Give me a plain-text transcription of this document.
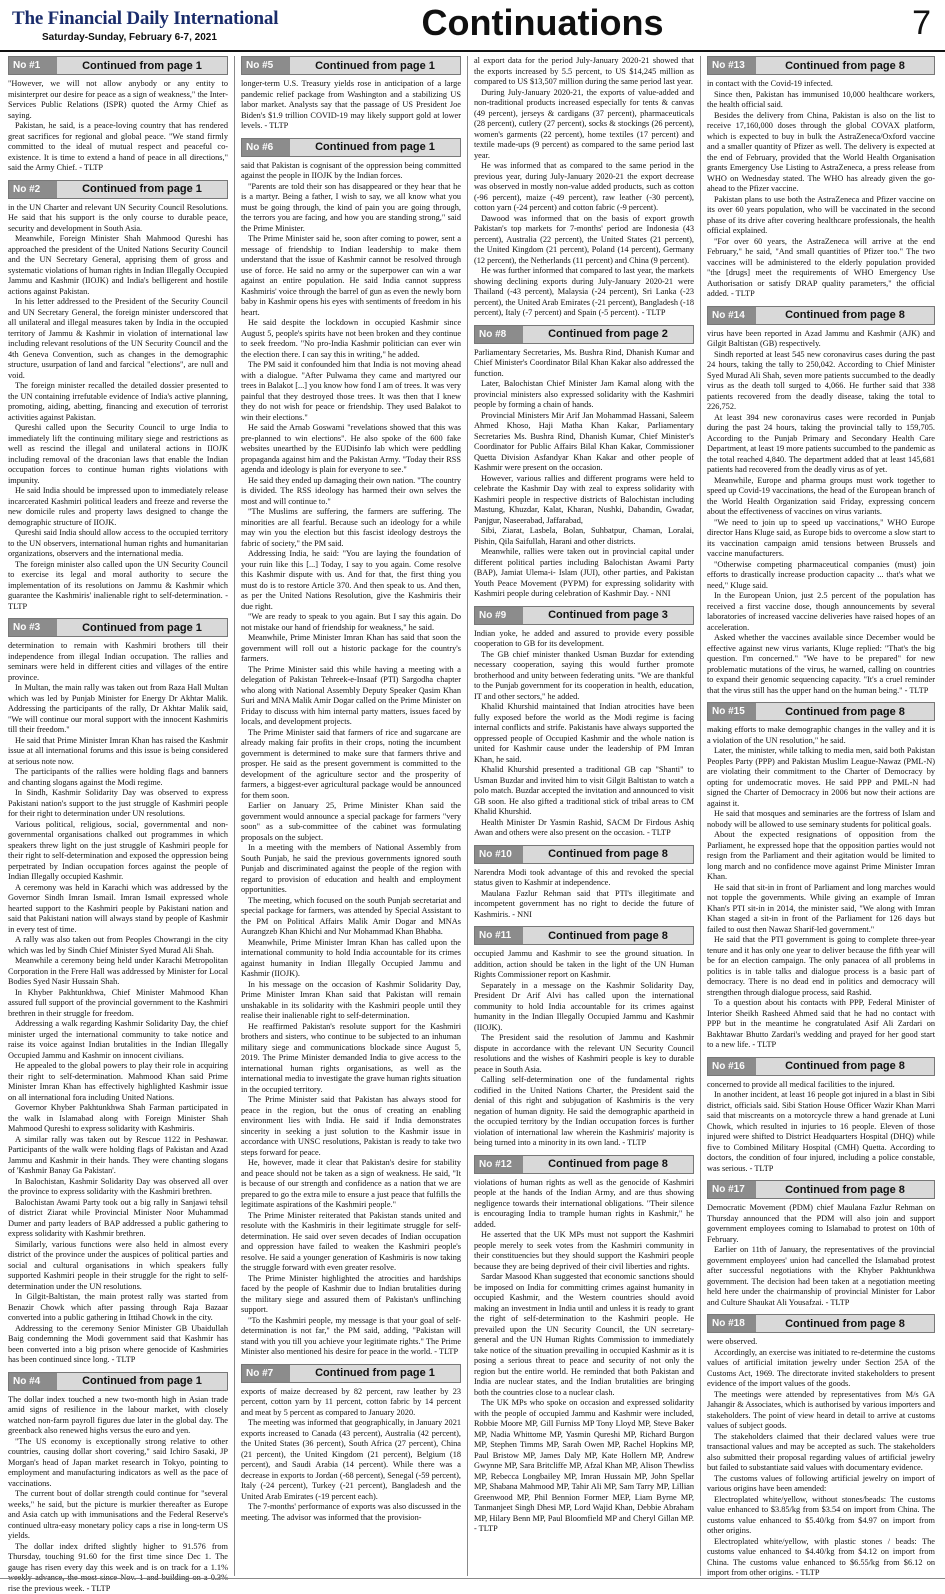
The Financial Daily International
Saturday-Sunday, February 6-7, 2021	Continuations	7
No #1	Continued from page 1

"However, we will not allow anybody or any entity to misinterpret our desire for peace as a sign of weakness," the Inter-Services Public Relations (ISPR) quoted the Army Chief as saying.

Pakistan, he said, is a peace-loving country that has rendered great sacrifices for regional and global peace. "We stand firmly committed to the ideal of mutual respect and peaceful co-existence. It is time to extend a hand of peace in all directions," said the Army Chief. - TLTP

No #2	Continued from page 1

in the UN Charter and relevant UN Security Council Resolutions. He said that his support is the only course to durable peace, security and development in South Asia.

Meanwhile, Foreign Minister Shah Mahmood Qureshi has approached the president of the United Nations Security Council and the UN Secretary General, apprising them of gross and systematic violations of human rights in Indian Illegally Occupied Jammu and Kashmir (IIOJK) and India's belligerent and hostile actions against Pakistan.

In his letter addressed to the President of the Security Council and UN Secretary General, the foreign minister underscored that all unilateral and illegal measures taken by India in the occupied territory of Jammu & Kashmir in violation of international law including relevant resolutions of the UN Security Council and the 4th Geneva Convention, such as changes in the demographic structure, usurpation of land and farcical "elections", are null and void.

The foreign minister recalled the detailed dossier presented to the UN containing irrefutable evidence of India's active planning, promoting, aiding, abetting, financing and execution of terrorist activities against Pakistan.

Qureshi called upon the Security Council to urge India to immediately lift the continuing military siege and restrictions as well as rescind the illegal and unilateral actions in IIOJK including removal of the draconian laws that enable the Indian occupation forces to continue human rights violations with impunity.

He said India should be impressed upon to immediately release incarcerated Kashmiri political leaders and freeze and reverse the new domicile rules and property laws designed to change the demographic structure of IIOJK.

Qureshi said India should allow access to the occupied territory to the UN observers, international human rights and humanitarian organizations, observers and the international media.

The foreign minister also called upon the UN Security Council to exercise its legal and moral authority to secure the implementation of its resolutions on Jammu & Kashmir which guarantee the Kashmiris' inalienable right to self-determination. - TLTP

No #3	Continued from page 1

determination to remain with Kashmiri brothers till their independence from illegal Indian occupation. The rallies and seminars were held in different cities and villages of the entire province.

In Multan, the main rally was taken out from Raza Hall Multan which was led by Punjab Minister for Energy Dr Akhtar Malik. Addressing the participants of the rally, Dr Akhtar Malik said, "We will continue our moral support with the innocent Kashmiris till their freedom."

He said that Prime Minister Imran Khan has raised the Kashmir issue at all international forums and this issue is being considered at serious note now.

The participants of the rallies were holding flags and banners and chanting slogans against the Modi regime.

In Sindh, Kashmir Solidarity Day was observed to express Pakistani nation's support to the just struggle of Kashmiri people for their right to determination under UN resolutions.

Various political, religious, social, governmental and non-governmental organisations chalked out programmes in which speakers threw light on the just struggle of Kashmiri people for their right to self-determination and exposed the oppression being perpetrated by Indian occupation forces against the people of Indian Illegally occupied Kashmir.

A ceremony was held in Karachi which was addressed by the Governor Sindh Imran Ismail. Imran Ismail expressed whole hearted support to the Kashmiri people by Pakistani nation and said that Pakistani nation will always stand by people of Kashmir in every test of time.

A rally was also taken out from Peoples Chowrangi in the city which was led by Sindh Chief Minister Syed Murad Ali Shah.

Meanwhile a ceremony being held under Karachi Metropolitan Corporation in the Frere Hall was addressed by Minister for Local Bodies Syed Nasir Hussain Shah.

In Khyber Pakhtunkhwa, Chief Minister Mahmood Khan assured full support of the provincial government to the Kashmiri brethren in their struggle for freedom.

Addressing a walk regarding Kashmir Solidarity Day, the chief minister urged the international community to take notice and raise its voice against Indian brutalities in the Indian Illegally Occupied Jammu and Kashmir on innocent civilians.

He appealed to the global powers to play their role in acquiring their right to self-determination. Mahmood Khan said Prime Minister Imran Khan has effectively highlighted Kashmir issue on all international fora including United Nations.

Governor Khyber Pakhtunkhwa Shah Farman participated in the walk in Islamabad along with Foreign Minister Shah Mahmood Qureshi to express solidarity with Kashmiris.

A similar rally was taken out by Rescue 1122 in Peshawar. Participants of the walk were holding flags of Pakistan and Azad Jammu and Kashmir in their hands. They were chanting slogans of 'Kashmir Banay Ga Pakistan'.

In Balochistan, Kashmir Solidarity Day was observed all over the province to express solidarity with the Kashmiri brethren.

Balochistan Awami Party took out a big rally in Sanjawi tehsil of district Ziarat while Provincial Minister Noor Muhammad Dumer and party leaders of BAP addressed a public gathering to express solidarity with Kashmir brethren.

Similarly, various functions were also held in almost every district of the province under the auspices of political parties and social and cultural organisations in which speakers fully supported Kashmiri people in their struggle for the right to self-determination under the UN resolutions.

In Gilgit-Baltistan, the main protest rally was started from Benazir Chowk which after passing through Raja Bazaar converted into a public gathering in Ittihad Chowk in the city.

Addressing to the ceremony Senior Minister GB Ubaidullah Baig condemning the Modi government said that Kashmir has been converted into a big prison where genocide of Kashmiries has been continued since long. - TLTP

No #4	Continued from page 1

The dollar index touched a new two-month high in Asian trade amid signs of resilience in the labour market, with closely watched non-farm payroll figures due later in the global day. The greenback also renewed highs versus the euro and yen.

"The US economy is exceptionally strong relative to other countries, causing dollar short covering," said Ichiro Sasaki, JP Morgan's head of Japan market research in Tokyo, pointing to employment and manufacturing indicators as well as the pace of vaccinations.

The current bout of dollar strength could continue for "several weeks," he said, but the picture is murkier thereafter as Europe and Asia catch up with immunisations and the Federal Reserve's continued ultra-easy monetary policy caps a rise in long-term US yields.

The dollar index drifted slightly higher to 91.576 from Thursday, touching 91.60 for the first time since Dec 1. The gauge has risen every day this week and is on track for a 1.1% rise the previous week. - TLTP

No #5	Continued from page 1

longer-term U.S. Treasury yields rose in anticipation of a large pandemic relief package from Washington and a stabilizing US labor market. Analysts say that the passage of US President Joe Biden's $1.9 trillion COVID-19 may likely support gold at lower levels. - TLTP

No #6	Continued from page 1

said that Pakistan is cognisant of the oppression being committed against the people in IIOJK by the Indian forces.

"Parents are told their son has disappeared or they hear that he is a martyr. Being a father, I wish to say, we all know what you must be going through, the kind of pain you are going through, the terrors you are facing, and how you are standing strong," said the Prime Minister.

The Prime Minister said he, soon after coming to power, sent a message of friendship to Indian leadership to make them understand that the issue of Kashmir cannot be resolved through use of force. He said no army or the superpower can win a war against an entire population. He said India cannot suppress Kashmiris' voice through the barrel of gun as even the newly born baby in Kashmir opens his eyes with sentiments of freedom in his heart.

He said despite the lockdown in occupied Kashmir since August 5, people's spirits have not been broken and they continue to seek freedom. "No pro-India Kashmir politician can ever win the election there. I can say this in writing," he added.

The PM said it confounded him that India is not moving ahead with a dialogue. "After Pulwama they came and martyred our trees in Balakot [...] you know how fond I am of trees. It was very painful that they destroyed those trees. It was then that I knew they do not wish for peace or friendship. They used Balakot to win their elections."

He said the Arnab Goswami "revelations showed that this was pre-planned to win elections". He also spoke of the 600 fake websites unearthed by the EUDisinfo lab which were peddling propaganda against him and the Pakistan Army. "Today their RSS agenda and ideology is plain for everyone to see."

He said they ended up damaging their own nation. "The country is divided. The RSS ideology has harmed their own selves the most and will continue to."

"The Muslims are suffering, the farmers are suffering. The minorities are all fearful. Because such an ideology for a while may win you the election but this fascist ideology destroys the fabric of society," the PM said.

Addressing India, he said: "You are laying the foundation of your ruin like this [...] Today, I say to you again. Come resolve this Kashmir dispute with us. And for that, the first thing you must do is to restore Article 370. And then speak to us. And then, as per the United Nations Resolution, give the Kashmiris their due right.

"We are ready to speak to you again. But I say this again. Do not mistake our hand of friendship for weakness," he said.

Meanwhile, Prime Minister Imran Khan has said that soon the government will roll out a historic package for the country's farmers.

The Prime Minister said this while having a meeting with a delegation of Pakistan Tehreek-e-Insaaf (PTI) Sargodha chapter who along with National Assembly Deputy Speaker Qasim Khan Suri and MNA Malik Amir Dogar called on the Prime Minister on Friday to discuss with him internal party matters, issues faced by locals, and development projects.

The Prime Minister said that farmers of rice and sugarcane are already making fair profits in their crops, noting the incumbent government is determined to make sure that farmers thrive and prosper. He said as the present government is committed to the development of the agriculture sector and the prosperity of farmers, a biggest-ever agricultural package would be announced for them soon.

Earlier on January 25, Prime Minister Khan said the government would announce a special package for farmers "very soon" as a sub-committee of the cabinet was formulating proposals on the subject.

In a meeting with the members of National Assembly from South Punjab, he said the previous governments ignored south Punjab and discriminated against the people of the region with regard to provision of education and health and employment opportunities.

The meeting, which focused on the south Punjab secretariat and special package for farmers, was attended by Special Assistant to the PM on Political Affairs Malik Amir Dogar and MNAs Aurangzeb Khan Khichi and Nur Mohammad Khan Bhabha.

Meanwhile, Prime Minister Imran Khan has called upon the international community to hold India accountable for its crimes against humanity in Indian Illegally Occupied Jammu and Kashmir (IIOJK).

In his message on the occasion of Kashmir Solidarity Day, Prime Minister Imran Khan said that Pakistan will remain unshakable in its solidarity with the Kashmiri people until they realise their inalienable right to self-determination.

He reaffirmed Pakistan's resolute support for the Kashmiri brothers and sisters, who continue to be subjected to an inhuman military siege and communications blockade since August 5, 2019. The Prime Minister demanded India to give access to the international human rights organisations, as well as the international media to investigate the grave human rights situation in the occupied territory.

The Prime Minister said that Pakistan has always stood for peace in the region, but the onus of creating an enabling environment lies with India. He said if India demonstrates sincerity in seeking a just solution to the Kashmir issue in accordance with UNSC resolutions, Pakistan is ready to take two steps forward for peace.

He, however, made it clear that Pakistan's desire for stability and peace should not be taken as a sign of weakness. He said, "It is because of our strength and confidence as a nation that we are prepared to go the extra mile to ensure a just peace that fulfills the legitimate aspirations of the Kashmiri people."

The Prime Minister reiterated that Pakistan stands united and resolute with the Kashmiris in their legitimate struggle for self-determination. He said over seven decades of Indian occupation and oppression have failed to weaken the Kashmiri people's resolve. He said a younger generation of Kashmiris is now taking the struggle forward with even greater resolve.

The Prime Minister highlighted the atrocities and hardships faced by the people of Kashmir due to Indian brutalities during the military siege and assured them of Pakistan's unflinching support.

"To the Kashmiri people, my message is that your goal of self-determination is not far," the PM said, adding, "Pakistan will stand with you till you achieve your legitimate rights." The Prime Minister also mentioned his desire for peace in the world. - TLTP

No #7	Continued from page 1

exports of maize decreased by 82 percent, raw leather by 23 percent, cotton yarn by 11 percent, cotton fabric by 14 percent and meat by 5 percent as compared to January 2020.

The meeting was informed that geographically, in January 2021 exports increased to Canada (43 percent), Australia (42 percent), the United States (36 percent), South Africa (27 percent), China (21 percent), the United Kingdom (21 percent), Belgium (18 percent), and Saudi Arabia (14 percent). While there was a decrease in exports to Jordan (-68 percent), Senegal (-59 percent), Italy (-24 percent), Turkey (-21 percent), Bangladesh and the United Arab Emirates (-19 percent each).

The 7-months' performance of exports was also discussed in the meeting. The advisor was informed that the provision-

al export data for the period July-January 2020-21 showed that the exports increased by 5.5 percent, to US $14,245 million as compared to US $13,507 million during the same period last year.

During July-January 2020-21, the exports of value-added and non-traditional products increased especially for tents & canvas (49 percent), jerseys & cardigans (37 percent), pharmaceuticals (28 percent), cutlery (27 percent), socks & stockings (26 percent), women's garments (22 percent), home textiles (17 percent) and textile made-ups (9 percent) as compared to the same period last year.

He was informed that as compared to the same period in the previous year, during July-January 2020-21 the export decrease was observed in mostly non-value added products, such as cotton (-96 percent), maize (-49 percent), raw leather (-30 percent), cotton yarn (-24 percent) and cotton fabric (-9 percent).

Dawood was informed that on the basis of export growth Pakistan's top markets for 7-months' period are Indonesia (43 percent), Australia (22 percent), the United States (21 percent), the United Kingdom (21 percent), Poland (14 percent), Germany (12 percent), the Netherlands (11 percent) and China (9 percent).

He was further informed that compared to last year, the markets showing declining exports during July-January 2020-21 were Thailand (-43 percent), Malaysia (-24 percent), Sri Lanka (-23 percent), the United Arab Emirates (-21 percent), Bangladesh (-18 percent), Italy (-7 percent) and Spain (-5 percent). - TLTP

No #8	Continued from page 2

Parliamentary Secretaries, Ms. Bushra Rind, Dhanish Kumar and Chief Minister's Coordinator Bilal Khan Kakar also addressed the function.

Later, Balochistan Chief Minister Jam Kamal along with the provincial ministers also expressed solidarity with the Kashmiri people by forming a chain of hands.

Provincial Ministers Mir Arif Jan Mohammad Hassani, Saleem Ahmed Khoso, Haji Matha Khan Kakar, Parliamentary Secretaries Ms. Bushra Rind, Dhanish Kumar, Chief Minister's Coordinator for Public Affairs Bilal Khan Kakar, Commissioner Quetta Division Asfandyar Khan Kakar and other people of Kashmir were present on the occasion.

However, various rallies and different programs were held to celebrate the Kashmir Day with zeal to express solidarity with Kashmiri people in respective districts of Balochistan including Mastung, Khuzdar, Kalat, Kharan, Nushki, Dabandin, Gwadar, Panjgur, Naseerabad, Jaffarabad,

Sibi, Ziarat, Lasbela, Bolan, Suhbatpur, Chaman, Loralai, Pishin, Qila Saifullah, Harani and other districts.

Meanwhile, rallies were taken out in provincial capital under different political parties including Balochistan Awami Party (BAP), Jamiat Ulema-i- Islam (JUI), other parties, and Pakistan Youth Peace Movement (PYPM) for expressing solidarity with Kashmiri people during celebration of Kashmir Day. - NNI

No #9	Continued from page 3

Indian yoke, he added and assured to provide every possible cooperation to GB for its development.

The GB chief minister thanked Usman Buzdar for extending necessary cooperation, saying this would further promote brotherhood and unity between federating units. "We are thankful to the Punjab government for its cooperation in health, education, IT and other sectors," he added.

Khalid Khurshid maintained that Indian atrocities have been fully exposed before the world as the Modi regime is facing internal conflicts and strife. Pakistanis have always supported the oppressed people of Occupied Kashmir and the whole nation is united for Kashmir cause under the leadership of PM Imran Khan, he said.

Khalid Khurshid presented a traditional GB cap "Shanti" to Usman Buzdar and invited him to visit Gilgit Baltistan to watch a polo match. Buzdar accepted the invitation and announced to visit GB soon. He also gifted a traditional stick of tribal areas to CM Khalid Khurshid.

Health Minister Dr Yasmin Rashid, SACM Dr Firdous Ashiq Awan and others were also present on the occasion. - TLTP

No #10	Continued from page 8

Narendra Modi took advantage of this and revoked the special status given to Kashmir at independence.

Maulana Fazlur Rehman said that PTI's illegitimate and incompetent government has no right to decide the future of Kashmiris. - NNI

No #11	Continued from page 8

occupied Jammu and Kashmir to see the ground situation. In addition, action should be taken in the light of the UN Human Rights Commissioner report on Kashmir.

Separately in a message on the Kashmir Solidarity Day, President Dr Arif Alvi has called upon the international community to hold India accountable for its crimes against humanity in the Indian Illegally Occupied Jammu and Kashmir (IIOJK).

The President said the resolution of Jammu and Kashmir dispute in accordance with the relevant UN Security Council resolutions and the wishes of Kashmiri people is key to durable peace in South Asia.

Calling self-determination one of the fundamental rights codified in the United Nations Charter, the President said the denial of this right and subjugation of Kashmiris is the very negation of human dignity. He said the demographic apartheid in the occupied territory by the Indian occupation forces is further violation of international law wherein the Kashmiris' majority is being turned into a minority in its own land. - TLTP

No #12	Continued from page 8

violations of human rights as well as the genocide of Kashmiri people at the hands of the Indian Army, and are thus showing negligence towards their international obligations. "Their silence is encouraging India to trample human rights in Kashmir," he added.

He asserted that the UK MPs must not support the Kashmiri people merely to seek votes from the Kashmiri community in their constituencies but they should support the Kashmiri people because they are being deprived of their civil liberties and rights.

Sardar Masood Khan suggested that economic sanctions should be imposed on India for committing crimes against humanity in occupied Kashmir, and the Western countries should avoid making an investment in India until and unless it is ready to grant the right of self-determination to the Kashmiri people. He prevailed upon the UN Security Council, the UN secretary-general and the UN Human Rights Commission to immediately take notice of the situation prevailing in occupied Kashmir as it is posing a serious threat to peace and security of not only the region but the entire world. He reminded that both Pakistan and India are nuclear states, and the Indian brutalities are bringing both the countries close to a nuclear clash.

The UK MPs who spoke on occasion and expressed solidarity with the people of occupied Jammu and Kashmir were included, Robbie Moore MP, Gill Furniss MP Tony Lloyd MP, Steve Baker MP, Nadia Whittome MP, Yasmin Qureshi MP, Richard Burgon MP, Stephen Timms MP, Sarah Owen MP, Rachel Hopkins MP, Paul Bristow MP, James Daly MP, Kate Hollern MP, Andrew Gwynne MP, Sara Britcliffe MP, Afzal Khan MP, Alison Thewliss MP, Rebecca Longbailey MP, Imran Hussain MP, John Spellar MP, Shabana Mahmood MP, Tahir Ali MP, Sam Tarry MP, Lillian Greenwood MP, Phil Bennion Former MEP, Liam Byrne MP, Tanmanjeet Singh Dhesi MP, Lord Wajid Khan, Debbie Abraham MP, Hilary Benn MP, Paul Bloomfield MP and Cheryl Gillan MP. - TLTP

No #13	Continued from page 8

in contact with the Covid-19 infected.

Since then, Pakistan has immunised 10,000 healthcare workers, the health official said.

Besides the delivery from China, Pakistan is also on the list to receive 17,160,000 doses through the global COVAX platform, which is expected to buy in bulk the AstraZeneca/Oxford vaccine and a smaller quantity of Pfizer as well. The delivery is expected at the end of February, provided that the World Health Organisation grants Emergency Use Listing to AstraZeneca, a press release from WHO on Wednesday stated. The WHO has already given the go-ahead to the Pfizer vaccine.

Pakistan plans to use both the AstraZeneca and Pfizer vaccine on its over 60 years population, who will be vaccinated in the second phase of its drive after covering healthcare professionals, the health official explained.

"For over 60 years, the AstraZeneca will arrive at the end February," he said, "And small quantities of Pfizer too." The two vaccines will be administered to the elderly population provided "the [drugs] meet the requirements of WHO Emergency Use Authorisation or satisfy DRAP quality parameters," the official added. - TLTP

No #14	Continued from page 8

virus have been reported in Azad Jammu and Kashmir (AJK) and Gilgit Baltistan (GB) respectively.

Sindh reported at least 545 new coronavirus cases during the past 24 hours, taking the tally to 250,042. According to Chief Minister Syed Murad Ali Shah, seven more patients succumbed to the deadly virus as the death toll surged to 4,066. He further said that 338 patients recovered from the deadly disease, taking the total to 226,752.

At least 394 new coronavirus cases were recorded in Punjab during the past 24 hours, taking the provincial tally to 159,705. According to the Punjab Primary and Secondary Health Care Department, at least 19 more patients succumbed to the pandemic as the total reached 4,840. The department added that at least 145,681 patients had recovered from the deadly virus as of yet.

Meanwhile, Europe and pharma groups must work together to speed up Covid-19 vaccinations, the head of the European branch of the World Health Organization said Friday, expressing concern about the effectiveness of vaccines on virus variants.

"We need to join up to speed up vaccinations," WHO Europe director Hans Kluge said, as Europe bids to overcome a slow start to its vaccination campaign amid tensions between Brussels and vaccine manufacturers.

"Otherwise competing pharmaceutical companies (must) join efforts to drastically increase production capacity ... that's what we need," Kluge said.

In the European Union, just 2.5 percent of the population has received a first vaccine dose, though announcements by several laboratories of increased vaccine deliveries have raised hopes of an acceleration.

Asked whether the vaccines available since December would be effective against new virus variants, Kluge replied: "That's the big question. I'm concerned." "We have to be prepared" for new problematic mutations of the virus, he warned, calling on countries to expand their genomic sequencing capacity. "It's a cruel reminder that the virus still has the upper hand on the human being." - TLTP

No #15	Continued from page 8

making efforts to make demographic changes in the valley and it is a violation of the UN resolution," he said.

Later, the minister, while talking to media men, said both Pakistan Peoples Party (PPP) and Pakistan Muslim League-Nawaz (PML-N) are violating their commitment to the Charter of Democracy by opting for undemocratic moves. He said PPP and PML-N had signed the Charter of Democracy in 2006 but now their actions are against it.

He said that mosques and seminaries are the fortress of Islam and nobody will be allowed to use seminary students for political goals.

About the expected resignations of opposition from the Parliament, he expressed hope that the opposition parties would not resign from the Parliament and their agitation would be limited to long march and no confidence move against Prime Minister Imran Khan.

He said that sit-in in front of Parliament and long marches would not topple the governments. While giving an example of Imran Khan's PTI sit-in in 2014, the minister said, "We along with Imran Khan staged a sit-in in front of the Parliament for 126 days but failed to oust then Nawaz Sharif-led government."

He said that the PTI government is going to complete three-year tenure and it has only one year to deliver because the fifth year will be for an election campaign. The only panacea of all problems in politics is in table talks and dialogue process is a basic part of democracy. There is no dead end in politics and democracy will strengthen through dialogue process, said Rashid.

To a question about his contacts with PPP, Federal Minister of Interior Sheikh Rasheed Ahmed said that he had no contact with PPP but in the meantime he congratulated Asif Ali Zardari on Bakhtawar Bhutto Zardari's wedding and prayed for her good start to a new life. - TLTP

No #16	Continued from page 8

concerned to provide all medical facilities to the injured.

In another incident, at least 16 people got injured in a blast in Sibi district, officials said. Sibi Station House Officer Wazir Khan Marri said that miscreants on a motorcycle threw a hand grenade at Luni Chowk, which resulted in injuries to 16 people. Eleven of those injured were shifted to District Headquarters Hospital (DHQ) while five to Combined Military Hospital (CMH) Quetta. According to doctors, the condition of four injured, including a police constable, was serious. - TLTP

No #17	Continued from page 8

Democratic Movement (PDM) chief Maulana Fazlur Rehman on Thursday announced that the PDM will also join and support government employees coming to Islamabad to protest on 10th of February.

Earlier on 11th of January, the representatives of the provincial government employees' union had cancelled the Islamabad protest after successful negotiations with the Khyber Pakhtunkhwa government. The decision had been taken at a negotiation meeting held here under the chairmanship of provincial Minister for Labor and Culture Shaukat Ali Yousafzai. - TLTP

No #18	Continued from page 8

were observed.

Accordingly, an exercise was initiated to re-determine the customs values of artificial imitation jewelry under Section 25A of the Customs Act, 1969. The directorate invited stakeholders to present evidence of the import values of the goods.

The meetings were attended by representatives from M/s GA Jahangir & Associates, which is authorised by various importers and stakeholders. The point of view heard in detail to arrive at customs values of subject goods.

The stakeholders claimed that their declared values were true transactional values and may be accepted as such. The stakeholders also submitted their proposal regarding values of artificial jewelry but failed to substantiate said values with documentary evidence.

The customs values of following artificial jewelry on import of various origins have been amended:

Electroplated white/yellow, without stones/beads: The customs value enhanced to $3.85/kg from $3.54 on import from China. The customs value enhanced to $5.40/kg from $4.97 on import from other origins.

Electroplated white/yellow, with plastic stones / beads: The customs value enhanced to $4.40/kg from $4.12 on import from China. The customs value enhanced to $6.55/kg from $6.12 on import from other origins. - TLTP
